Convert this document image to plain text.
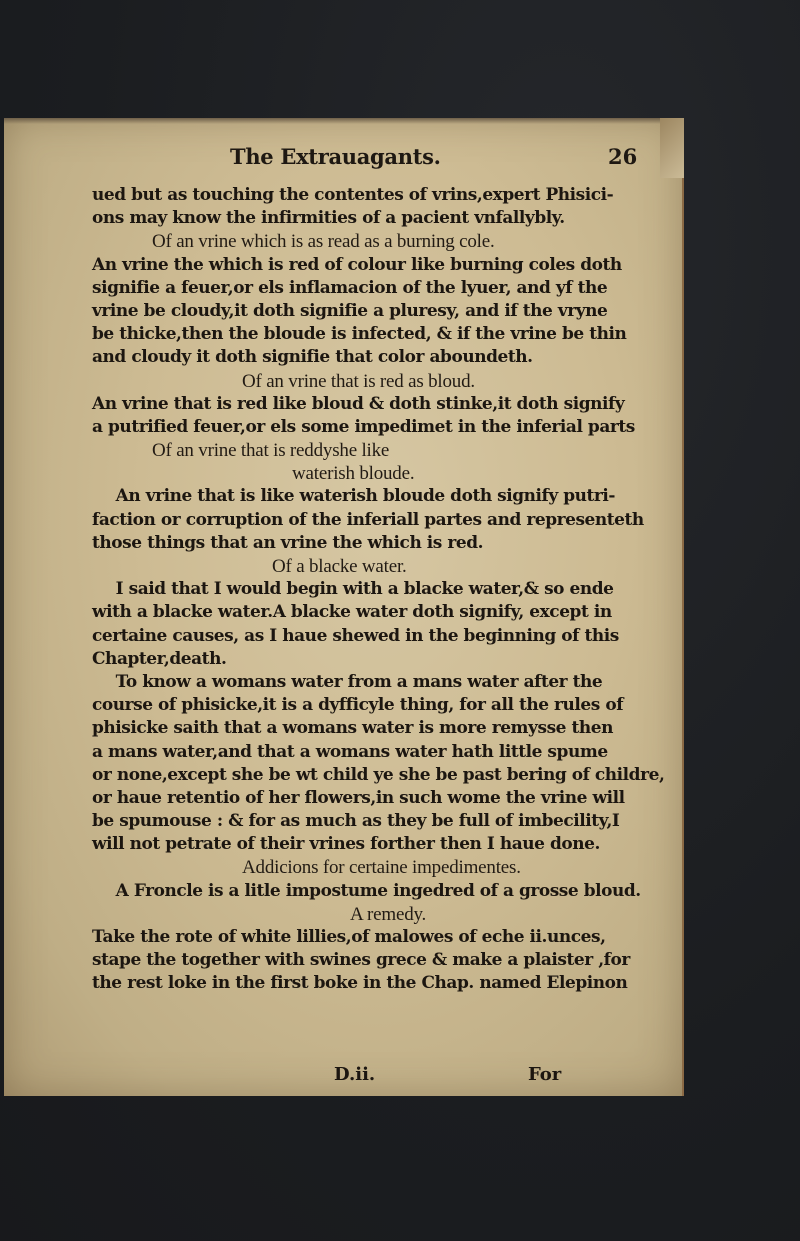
The Extrauagants.	26
ued but as touching the contentes of vrins,expert Phisici-
ons may know the infirmities of a pacient vnfallybly.
Of an vrine which is as read as a burning cole.
An vrine the which is red of colour like burning coles doth
signifie a feuer,or els inflamacion of the lyuer, and yf the
vrine be cloudy,it doth signifie a pluresy, and if the vryne
be thicke,then the bloude is infected, & if the vrine be thin
and cloudy it doth signifie that color aboundeth.
Of an vrine that is red as bloud.
An vrine that is red like bloud & doth stinke,it doth signify
a putrified feuer,or els some impedimet in the inferial parts
Of an vrine that is reddyshe like
waterish bloude.
An vrine that is like waterish bloude doth signify putri-
faction or corruption of the inferiall partes and representeth
those things that an vrine the which is red.
Of a blacke water.
I said that I would begin with a blacke water,& so ende
with a blacke water.A blacke water doth signify, except in
certaine causes, as I haue shewed in the beginning of this
Chapter,death.
To know a womans water from a mans water after the
course of phisicke,it is a dyfficyle thing, for all the rules of
phisicke saith that a womans water is more remysse then
a mans water,and that a womans water hath little spume
or none,except she be wt child ye she be past bering of childre,
or haue retentio of her flowers,in such wome the vrine will
be spumouse : & for as much as they be full of imbecility,I
will not petrate of their vrines forther then I haue done.
Addicions for certaine impedimentes.
A Froncle is a litle impostume ingedred of a grosse bloud.
A remedy.
Take the rote of white lillies,of malowes of eche ii.unces,
stape the together with swines grece & make a plaister ,for
the rest loke in the first boke in the Chap. named Elepinon
D.ii.	For
